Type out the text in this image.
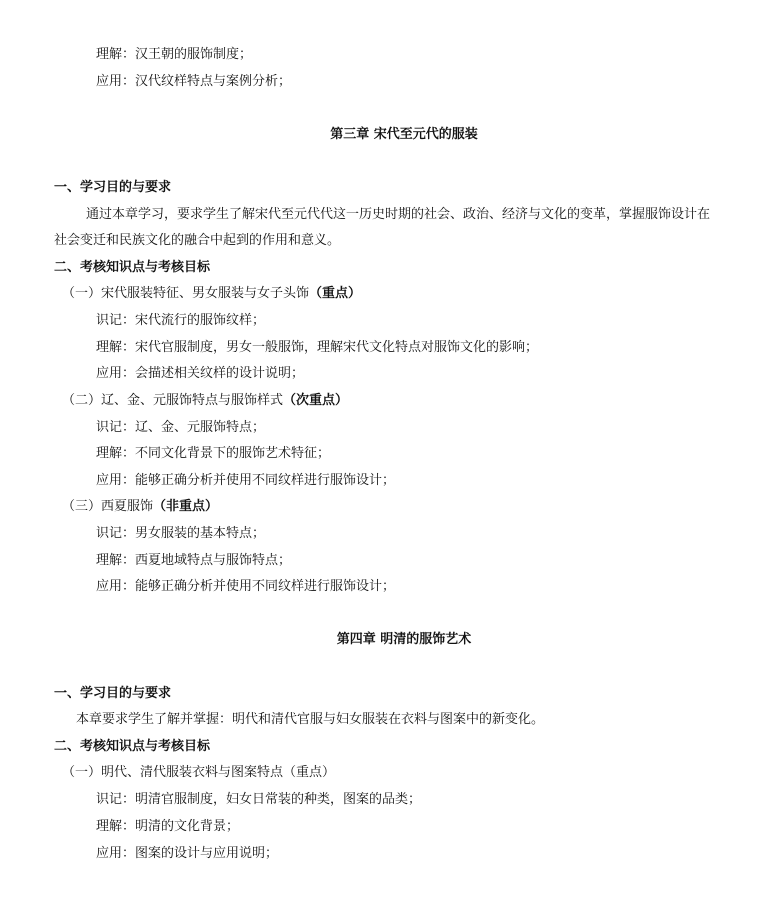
理解：汉王朝的服饰制度；
应用：汉代纹样特点与案例分析；
第三章 宋代至元代的服装
一、学习目的与要求
通过本章学习，要求学生了解宋代至元代代这一历史时期的社会、政治、经济与文化的变革，掌握服饰设计在
社会变迁和民族文化的融合中起到的作用和意义。
二、考核知识点与考核目标
（一）宋代服装特征、男女服装与女子头饰（重点）
识记：宋代流行的服饰纹样；
理解：宋代官服制度，男女一般服饰，理解宋代文化特点对服饰文化的影响；
应用：会描述相关纹样的设计说明；
（二）辽、金、元服饰特点与服饰样式（次重点）
识记：辽、金、元服饰特点；
理解：不同文化背景下的服饰艺术特征；
应用：能够正确分析并使用不同纹样进行服饰设计；
（三）西夏服饰（非重点）
识记：男女服装的基本特点；
理解：西夏地域特点与服饰特点；
应用：能够正确分析并使用不同纹样进行服饰设计；
第四章 明清的服饰艺术
一、学习目的与要求
本章要求学生了解并掌握：明代和清代官服与妇女服装在衣料与图案中的新变化。
二、考核知识点与考核目标
（一）明代、清代服装衣料与图案特点（重点）
识记：明清官服制度，妇女日常装的种类，图案的品类；
理解：明清的文化背景；
应用：图案的设计与应用说明；
